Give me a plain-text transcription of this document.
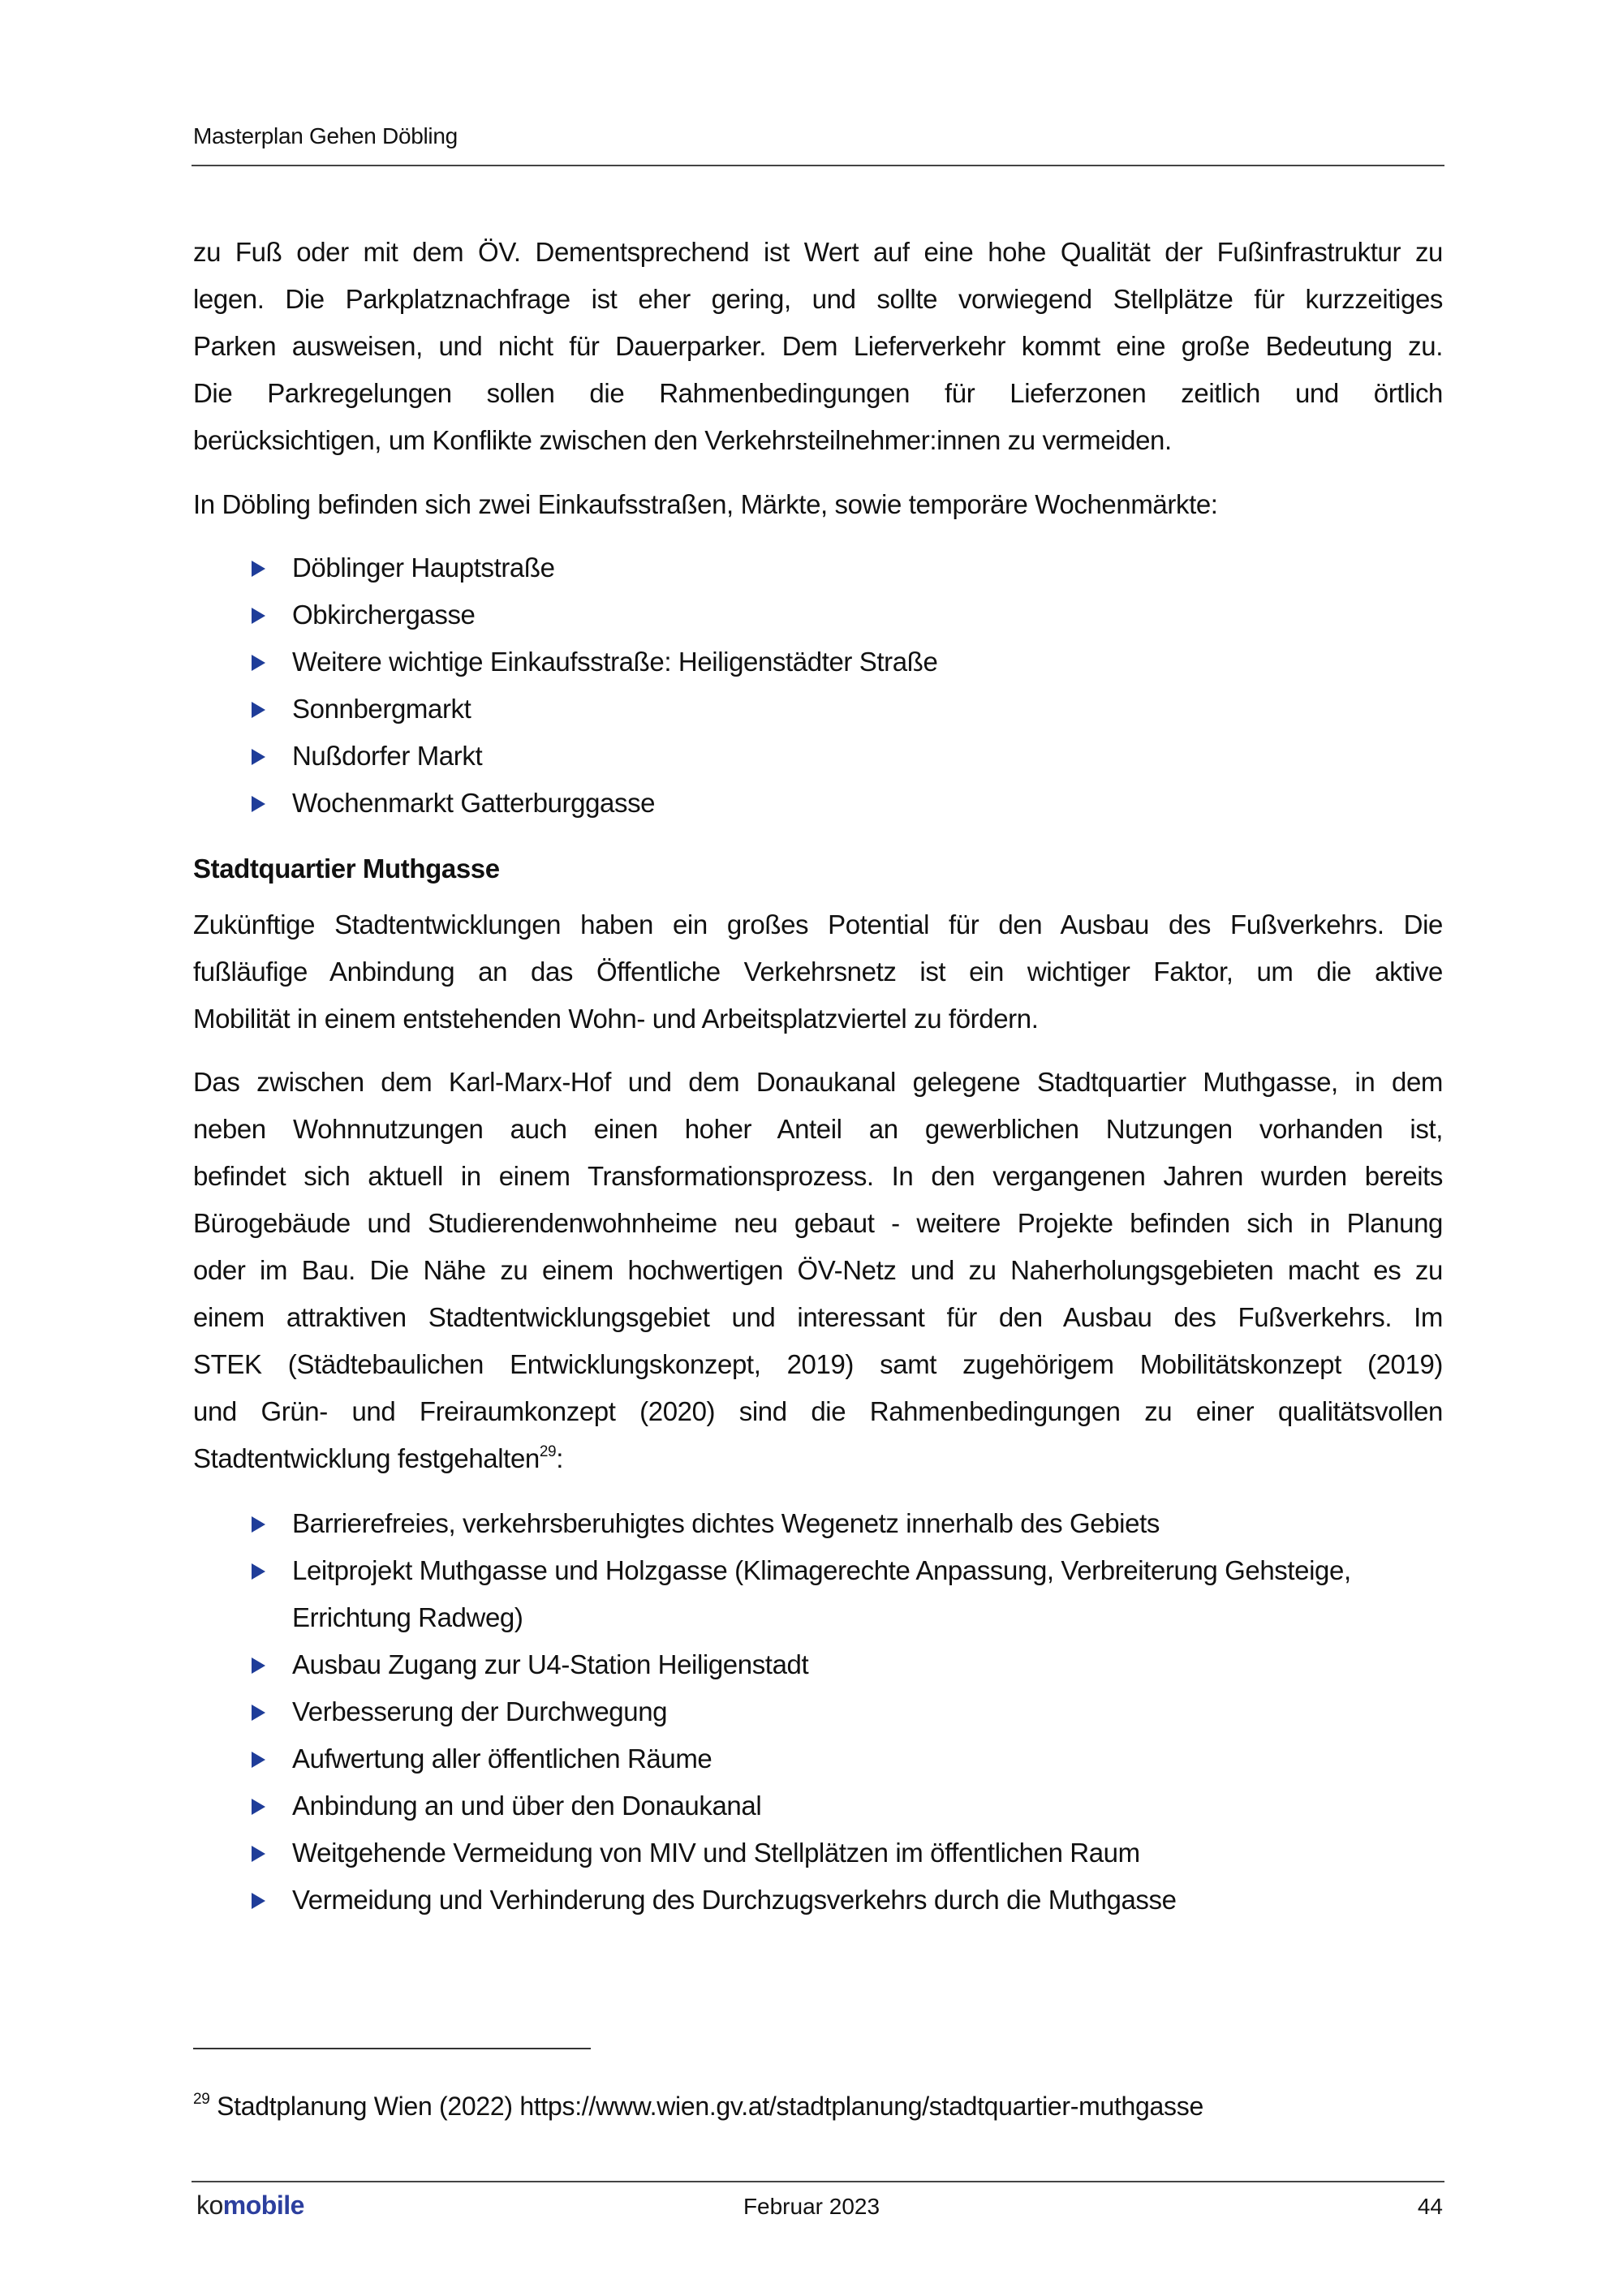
Masterplan Gehen Döbling
zu Fuß oder mit dem ÖV. Dementsprechend ist Wert auf eine hohe Qualität der Fußinfrastruktur zu
legen. Die Parkplatznachfrage ist eher gering, und sollte vorwiegend Stellplätze für kurzzeitiges
Parken ausweisen, und nicht für Dauerparker. Dem Lieferverkehr kommt eine große Bedeutung zu.
Die Parkregelungen sollen die Rahmenbedingungen für Lieferzonen zeitlich und örtlich
berücksichtigen, um Konflikte zwischen den Verkehrsteilnehmer:innen zu vermeiden.
In Döbling befinden sich zwei Einkaufsstraßen, Märkte, sowie temporäre Wochenmärkte:
Döblinger Hauptstraße
Obkirchergasse
Weitere wichtige Einkaufsstraße: Heiligenstädter Straße
Sonnbergmarkt
Nußdorfer Markt
Wochenmarkt Gatterburggasse
Stadtquartier Muthgasse
Zukünftige Stadtentwicklungen haben ein großes Potential für den Ausbau des Fußverkehrs. Die
fußläufige Anbindung an das Öffentliche Verkehrsnetz ist ein wichtiger Faktor, um die aktive
Mobilität in einem entstehenden Wohn- und Arbeitsplatzviertel zu fördern.
Das zwischen dem Karl-Marx-Hof und dem Donaukanal gelegene Stadtquartier Muthgasse, in dem
neben Wohnnutzungen auch einen hoher Anteil an gewerblichen Nutzungen vorhanden ist,
befindet sich aktuell in einem Transformationsprozess. In den vergangenen Jahren wurden bereits
Bürogebäude und Studierendenwohnheime neu gebaut - weitere Projekte befinden sich in Planung
oder im Bau. Die Nähe zu einem hochwertigen ÖV-Netz und zu Naherholungsgebieten macht es zu
einem attraktiven Stadtentwicklungsgebiet und interessant für den Ausbau des Fußverkehrs. Im
STEK (Städtebaulichen Entwicklungskonzept, 2019) samt zugehörigem Mobilitätskonzept (2019)
und Grün- und Freiraumkonzept (2020) sind die Rahmenbedingungen zu einer qualitätsvollen
Stadtentwicklung festgehalten$^{29}$:
Barrierefreies, verkehrsberuhigtes dichtes Wegenetz innerhalb des Gebiets
Leitprojekt Muthgasse und Holzgasse (Klimagerechte Anpassung, Verbreiterung Gehsteige,
Errichtung Radweg)
Ausbau Zugang zur U4-Station Heiligenstadt
Verbesserung der Durchwegung
Aufwertung aller öffentlichen Räume
Anbindung an und über den Donaukanal
Weitgehende Vermeidung von MIV und Stellplätzen im öffentlichen Raum
Vermeidung und Verhinderung des Durchzugsverkehrs durch die Muthgasse
$^{29}$ Stadtplanung Wien (2022) https://www.wien.gv.at/stadtplanung/stadtquartier-muthgasse
komobile	Februar 2023	44
